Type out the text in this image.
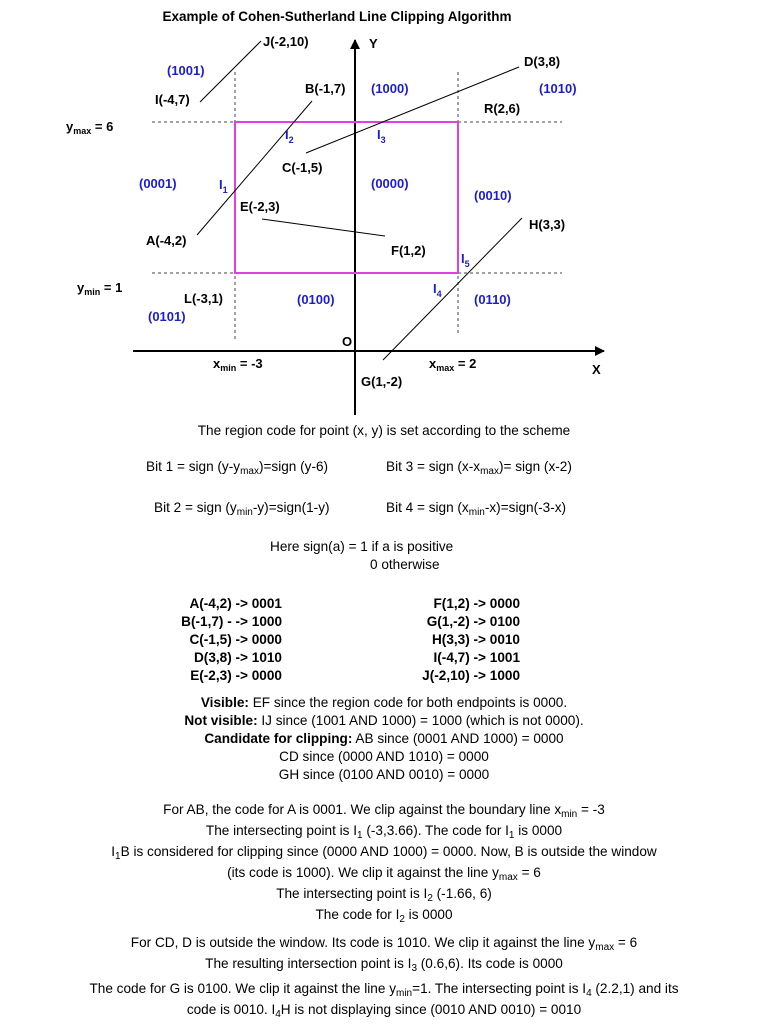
Example of Cohen-Sutherland Line Clipping Algorithm
Y
X
O
$y_{max} = 6$
$y_{min} = 1$
$x_{min} = -3$	$x_{max} = 2$
J(-2,10)
I(-4,7)
B(-1,7)
D(3,8)
R(2,6)
C(-1,5)
E(-2,3)
A(-4,2)
F(1,2)
H(3,3)
L(-3,1)
G(1,-2)
(1001)
(1000)	(1010)
(0001)	(0000)
(0010)
(0101)
(0100)	(0110)
$I_1$
$I_2$	$I_3$
$I_4$
$I_5$
The region code for point (x, y) is set according to the scheme
Bit 1 = sign $(y-y_{max})=sign$ (y-6)	Bit 3 = sign $(x-x_{max})=$ sign (x-2)
Bit 2 = sign $(y_{min}-y)=sign(1-y)$	Bit 4 = sign $(x_{min}-x)=sign(-3-x)$
Here sign(a) = 1 if a is positive
0 otherwise
A(-4,2) -> 0001
B(-1,7) - -> 1000
C(-1,5) -> 0000
D(3,8) -> 1010
E(-2,3) -> 0000
F(1,2) -> 0000
G(1,-2) -> 0100
H(3,3) -> 0010
I(-4,7) -> 1001
J(-2,10) -> 1000
Visible: EF since the region code for both endpoints is 0000.
Not visible: IJ since (1001 AND 1000) = 1000 (which is not 0000).
Candidate for clipping: AB since (0001 AND 1000) = 0000
CD since (0000 AND 1010) = 0000
GH since (0100 AND 0010) = 0000
For AB, the code for A is 0001. We clip against the boundary line $x_{min} = -3$
The intersecting point is $I_1$ (-3,3.66). The code for $I_1$ is 0000
$I_1B$ is considered for clipping since (0000 AND 1000) = 0000. Now, B is outside the window
(its code is 1000). We clip it against the line $y_{max} = 6$
The intersecting point is $I_2$ (-1.66, 6)
The code for $I_2$ is 0000
For CD, D is outside the window. Its code is 1010. We clip it against the line $y_{max} = 6$
The resulting intersection point is $I_3$ (0.6,6). Its code is 0000
The code for G is 0100. We clip it against the line $y_{min}=1$. The intersecting point is $I_4$ (2.2,1) and its
code is 0010. $I_4H$ is not displaying since (0010 AND 0010) = 0010
